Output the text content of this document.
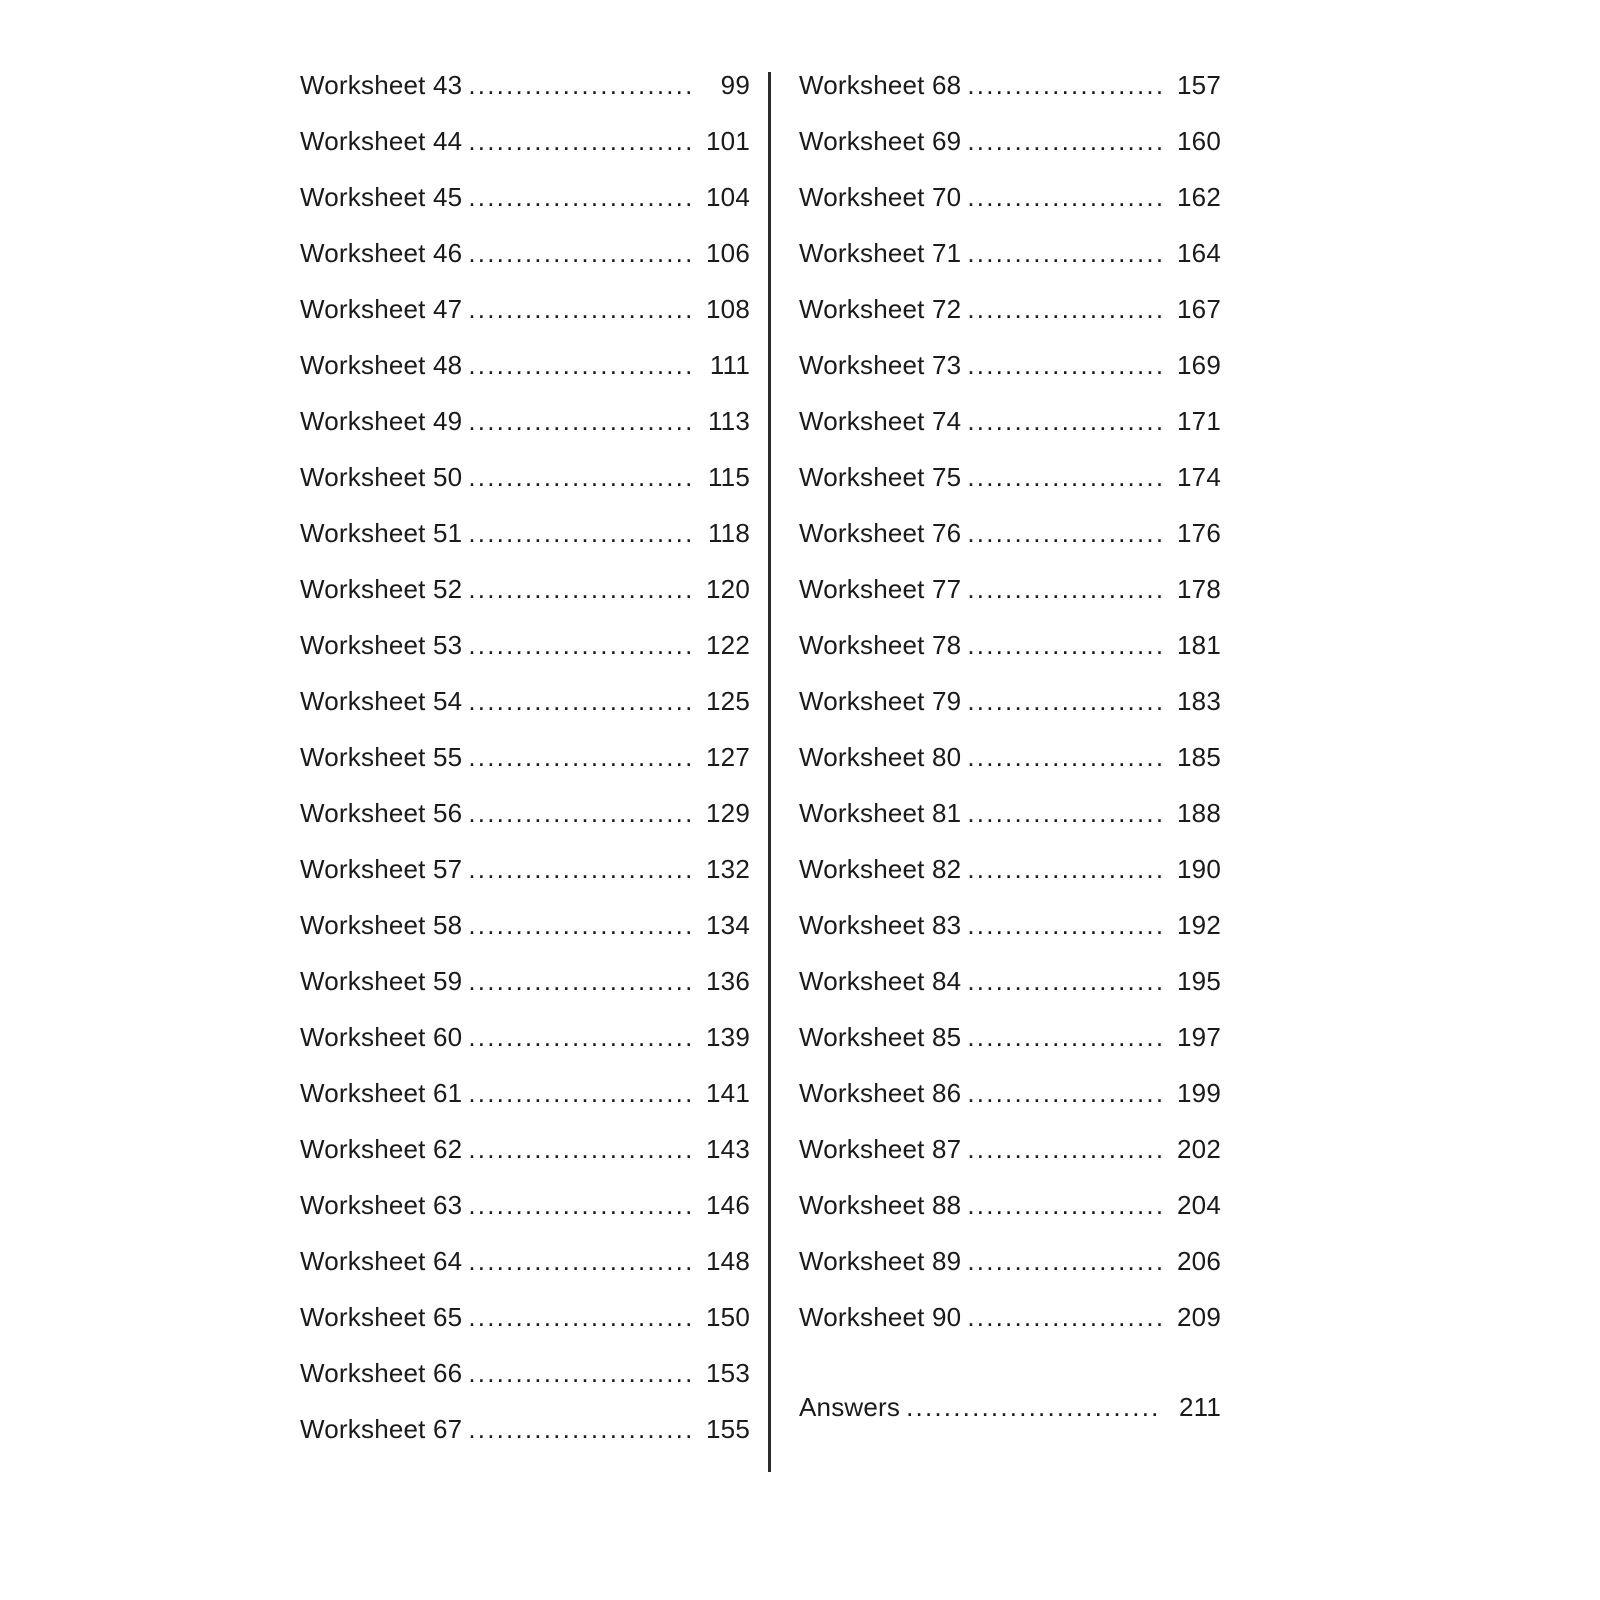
Worksheet 43 .....	99
Worksheet 44 .....	101
Worksheet 45 .....	104
Worksheet 46 .....	106
Worksheet 47 .....	108
Worksheet 48 .....	111
Worksheet 49 .....	113
Worksheet 50 .....	115
Worksheet 51 .....	118
Worksheet 52 .....	120
Worksheet 53 .....	122
Worksheet 54 .....	125
Worksheet 55 .....	127
Worksheet 56 .....	129
Worksheet 57 .....	132
Worksheet 58 .....	134
Worksheet 59 .....	136
Worksheet 60 .....	139
Worksheet 61 .....	141
Worksheet 62 .....	143
Worksheet 63 .....	146
Worksheet 64 .....	148
Worksheet 65 .....	150
Worksheet 66 .....	153
Worksheet 67 .....	155
Worksheet 68 .....	157
Worksheet 69 .....	160
Worksheet 70 .....	162
Worksheet 71 .....	164
Worksheet 72 .....	167
Worksheet 73 .....	169
Worksheet 74 .....	171
Worksheet 75 .....	174
Worksheet 76 .....	176
Worksheet 77 .....	178
Worksheet 78 .....	181
Worksheet 79 .....	183
Worksheet 80 .....	185
Worksheet 81 .....	188
Worksheet 82 .....	190
Worksheet 83 .....	192
Worksheet 84 .....	195
Worksheet 85 .....	197
Worksheet 86 .....	199
Worksheet 87 .....	202
Worksheet 88 .....	204
Worksheet 89 .....	206
Worksheet 90 .....	209
Answers .....	211
